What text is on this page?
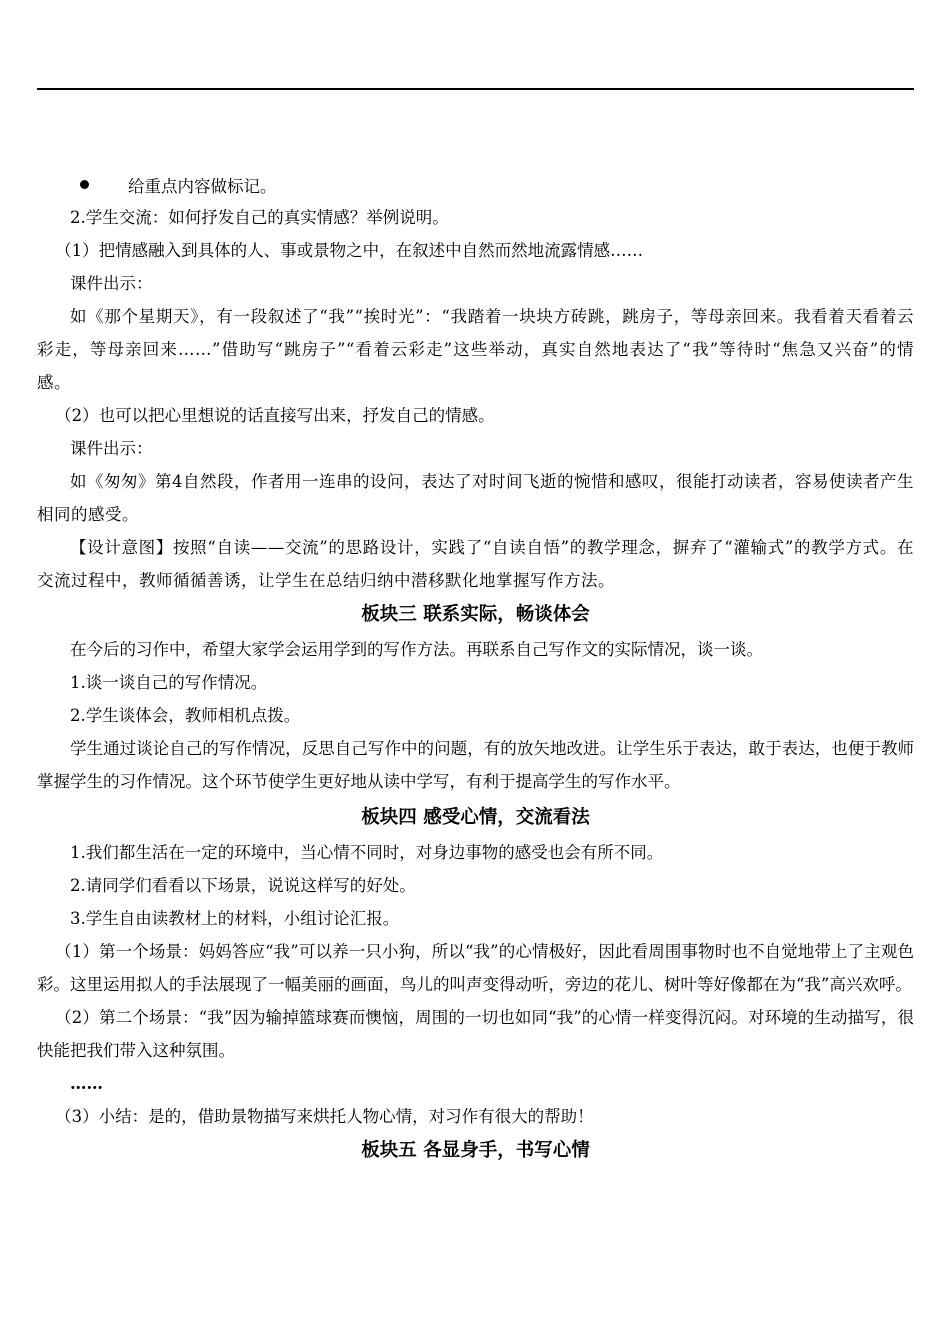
给重点内容做标记。

2.学生交流：如何抒发自己的真实情感？举例说明。

（1）把情感融入到具体的人、事或景物之中，在叙述中自然而然地流露情感……

课件出示：

如《那个星期天》，有一段叙述了“我”“挨时光”：“我踏着一块块方砖跳，跳房子，等母亲回来。我看着天看着云彩走，等母亲回来……”借助写“跳房子”“看着云彩走”这些举动，真实自然地表达了“我”等待时“焦急又兴奋”的情感。

（2）也可以把心里想说的话直接写出来，抒发自己的情感。

课件出示：

如《匆匆》第4自然段，作者用一连串的设问，表达了对时间飞逝的惋惜和感叹，很能打动读者，容易使读者产生相同的感受。

【设计意图】按照“自读——交流”的思路设计，实践了“自读自悟”的教学理念，摒弃了“灌输式”的教学方式。在交流过程中，教师循循善诱，让学生在总结归纳中潜移默化地掌握写作方法。

板块三 联系实际，畅谈体会

在今后的习作中，希望大家学会运用学到的写作方法。再联系自己写作文的实际情况，谈一谈。

1.谈一谈自己的写作情况。

2.学生谈体会，教师相机点拨。

学生通过谈论自己的写作情况，反思自己写作中的问题，有的放矢地改进。让学生乐于表达，敢于表达，也便于教师掌握学生的习作情况。这个环节使学生更好地从读中学写，有利于提高学生的写作水平。

板块四 感受心情，交流看法

1.我们都生活在一定的环境中，当心情不同时，对身边事物的感受也会有所不同。

2.请同学们看看以下场景，说说这样写的好处。

3.学生自由读教材上的材料，小组讨论汇报。

（1）第一个场景：妈妈答应“我”可以养一只小狗，所以“我”的心情极好，因此看周围事物时也不自觉地带上了主观色彩。这里运用拟人的手法展现了一幅美丽的画面，鸟儿的叫声变得动听，旁边的花儿、树叶等好像都在为“我”高兴欢呼。

（2）第二个场景：“我”因为输掉篮球赛而懊恼，周围的一切也如同“我”的心情一样变得沉闷。对环境的生动描写，很快能把我们带入这种氛围。

……

（3）小结：是的，借助景物描写来烘托人物心情，对习作有很大的帮助！

板块五 各显身手，书写心情
